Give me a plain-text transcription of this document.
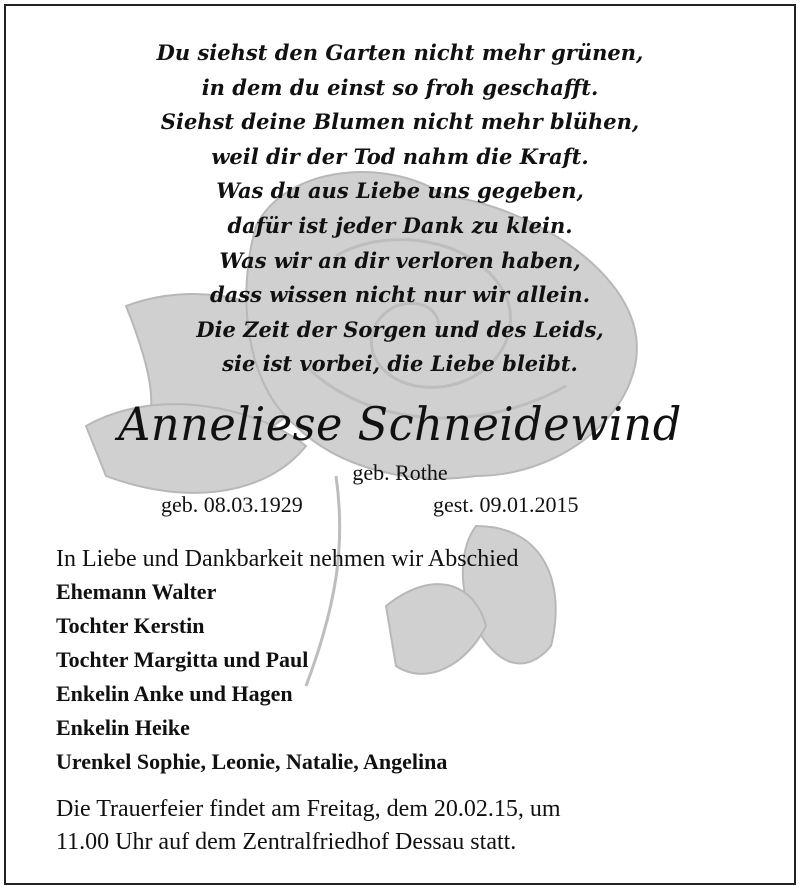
Du siehst den Garten nicht mehr grünen,
in dem du einst so froh geschafft.
Siehst deine Blumen nicht mehr blühen,
weil dir der Tod nahm die Kraft.
Was du aus Liebe uns gegeben,
dafür ist jeder Dank zu klein.
Was wir an dir verloren haben,
dass wissen nicht nur wir allein.
Die Zeit der Sorgen und des Leids,
sie ist vorbei, die Liebe bleibt.
Anneliese Schneidewind
geb. Rothe
geb. 08.03.1929	gest. 09.01.2015
In Liebe und Dankbarkeit nehmen wir Abschied
Ehemann Walter
Tochter Kerstin
Tochter Margitta und Paul
Enkelin Anke und Hagen
Enkelin Heike
Urenkel Sophie, Leonie, Natalie, Angelina
Die Trauerfeier findet am Freitag, dem 20.02.15, um
11.00 Uhr auf dem Zentralfriedhof Dessau statt.
